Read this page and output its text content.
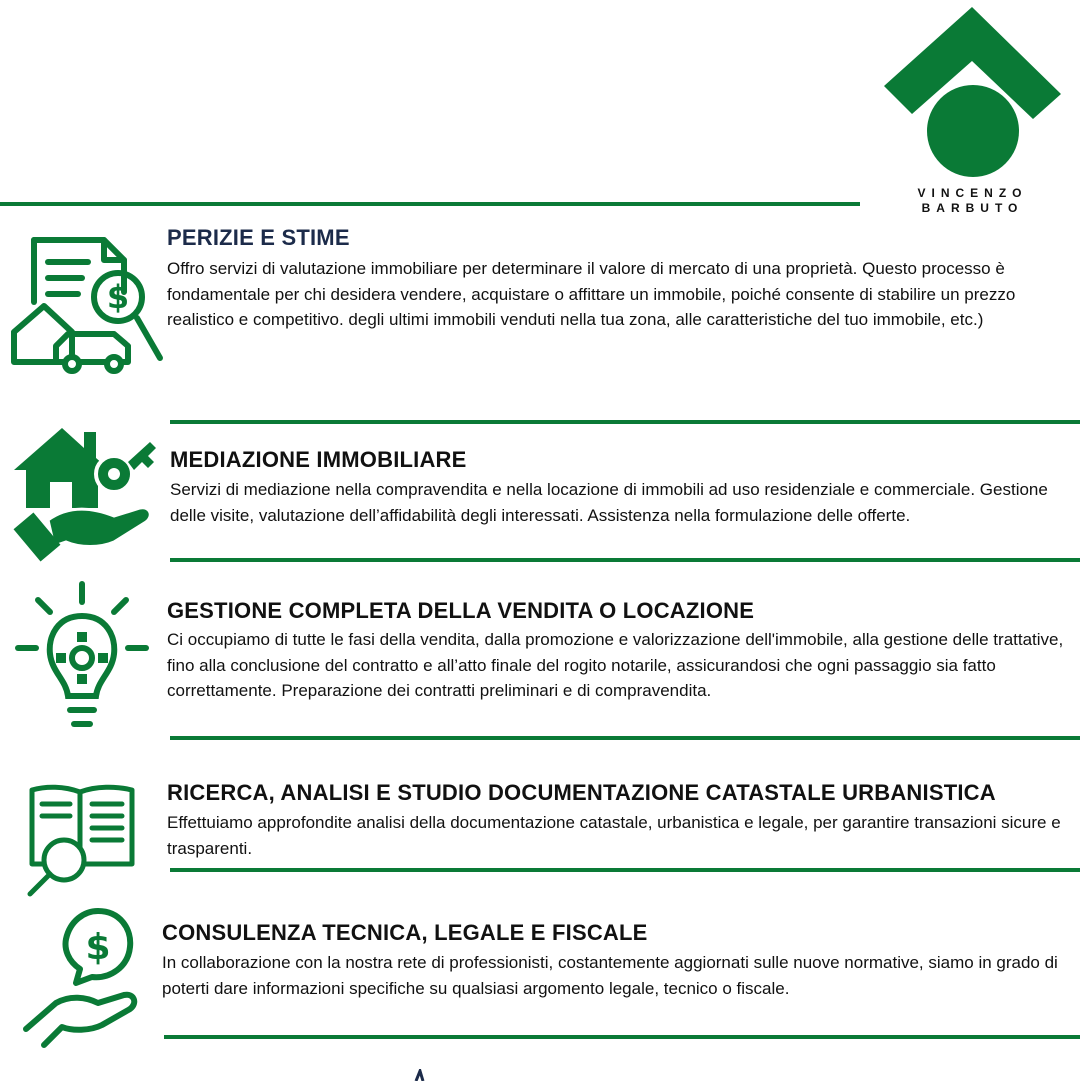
VINCENZO
BARBUTO
$
PERIZIE E STIME
Offro servizi di valutazione immobiliare per determinare il valore di mercato di una proprietà. Questo processo è fondamentale per chi desidera vendere, acquistare o affittare un immobile, poiché consente di stabilire un prezzo realistico e competitivo. degli ultimi immobili venduti nella tua zona, alle caratteristiche del tuo immobile, etc.)
MEDIAZIONE IMMOBILIARE
Servizi di mediazione nella compravendita e nella locazione di immobili ad uso residenziale e commerciale. Gestione delle visite, valutazione dell’affidabilità degli interessati. Assistenza nella formulazione delle offerte.
GESTIONE COMPLETA DELLA VENDITA O LOCAZIONE
Ci occupiamo di tutte le fasi della vendita, dalla promozione e valorizzazione dell'immobile, alla gestione delle trattative, fino alla conclusione del contratto e all’atto finale del rogito notarile, assicurandosi che ogni passaggio sia fatto correttamente. Preparazione dei contratti preliminari e di compravendita.
RICERCA, ANALISI E STUDIO DOCUMENTAZIONE CATASTALE URBANISTICA
Effettuiamo approfondite analisi della documentazione catastale, urbanistica e legale, per garantire transazioni sicure e trasparenti.
$ CONSULENZA TECNICA, LEGALE E FISCALE
In collaborazione con la nostra rete di professionisti, costantemente aggiornati sulle nuove normative, siamo in grado di poterti dare informazioni specifiche su qualsiasi argomento legale, tecnico o fiscale.
